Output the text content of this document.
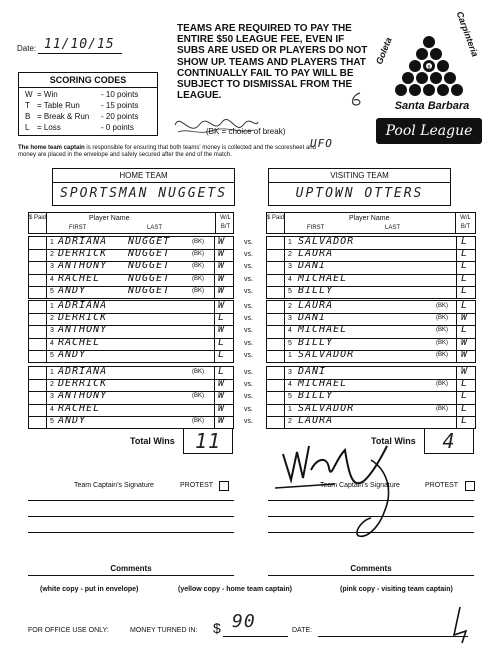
Date: 11/10/15
TEAMS ARE REQUIRED TO PAY THE ENTIRE $50 LEAGUE FEE, EVEN IF SUBS ARE USED OR PLAYERS DO NOT SHOW UP. TEAMS AND PLAYERS THAT CONTINUALLY FAIL TO PAY WILL BE SUBJECT TO DISMISSAL FROM THE LEAGUE.
SCORING CODES
W = Win	- 10 points
T = Table Run	- 15 points
B = Break & Run - 20 points
L = Loss	- 0 points	(BK = choice of break)
UFO
8
Goleta	Carpinteria
Santa Barbara
Pool League
The home team captain is responsible for ensuring that both teams' money is collected and the scoresheet and money are placed in the envelope and safely secured after the end of the match.
HOME TEAM
SPORTSMAN NUGGETS
VISITING TEAM
UPTOWN OTTERS
$ Paid	Player Name
FIRST	LAST
W/L B/T
$ Paid	Player Name
FIRST	LAST
W/L B/T
1 ADRIANA NUGGET	(BK) W	vs.	1 SALVADOR	L
2 DERRICK NUGGET	(BK) W	vs.	2 LAURA	L
3 ANTHONY NUGGET	(BK) W	vs.	3 DANI	L
4 RACHEL	NUGGET	(BK) W	vs.	4 MICHAEL	L
5 ANDY	NUGGET	(BK) W	vs.	5 BILLY	L
1 ADRIANA	W	vs.	2 LAURA	(BK) L
2 DERRICK	L	vs.	3 DANI	(BK) W
3 ANTHONY	W	vs.	4 MICHAEL	(BK) L
4 RACHEL	L	vs.	5 BILLY	(BK) W
5 ANDY	L	vs.	1 SALVADOR	(BK) W
1 ADRIANA	(BK) L	vs.	3 DANI	W
2 DERRICK	W	vs.	4 MICHAEL	(BK) L
3 ANTHONY	(BK) W	vs.	5 BILLY	L
4 RACHEL	W	vs.	1 SALVADOR	(BK) L
5 ANDY	(BK) W	vs.	2 LAURA	L
Total Wins	11	Total Wins	4
Team Captain's Signature	PROTEST	Team Captain's Signature	PROTEST
Comments	Comments
(white copy - put in envelope)	(yellow copy - home team captain)	(pink copy - visiting team captain)
FOR OFFICE USE ONLY:	MONEY TURNED IN: $ 90	DATE:
